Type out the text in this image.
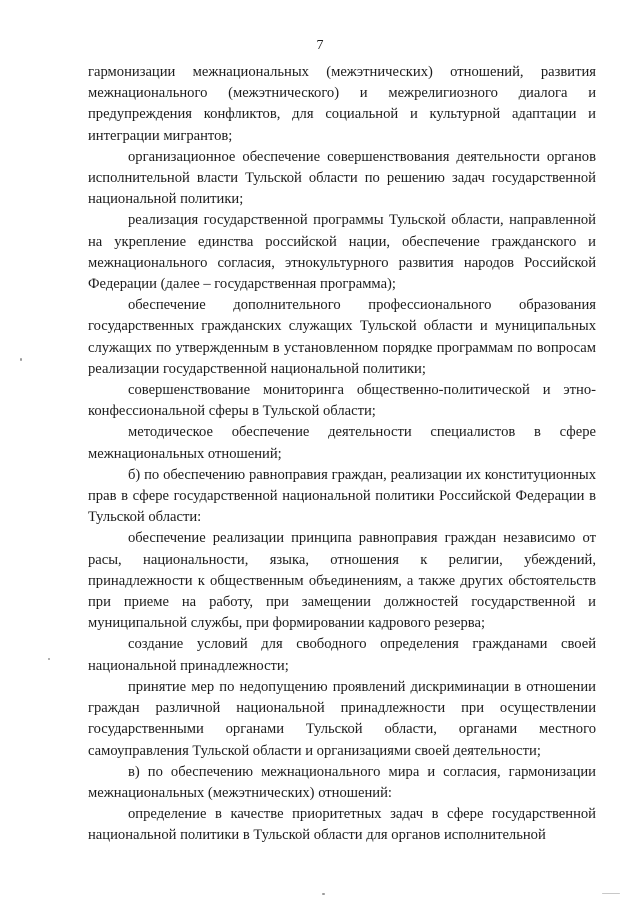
7

гармонизации межнациональных (межэтнических) отношений, развития межнационального (межэтнического) и межрелигиозного диалога и предупреждения конфликтов, для социальной и культурной адаптации и интеграции мигрантов;

организационное обеспечение совершенствования деятельности органов исполнительной власти Тульской области по решению задач государственной национальной политики;

реализация государственной программы Тульской области, направленной на укрепление единства российской нации, обеспечение гражданского и межнационального согласия, этнокультурного развития народов Российской Федерации (далее – государственная программа);

обеспечение дополнительного профессионального образования государственных гражданских служащих Тульской области и муниципальных служащих по утвержденным в установленном порядке программам по вопросам реализации государственной национальной политики;

совершенствование мониторинга общественно-политической и этно-конфессиональной сферы в Тульской области;

методическое обеспечение деятельности специалистов в сфере межнациональных отношений;

б) по обеспечению равноправия граждан, реализации их конституционных прав в сфере государственной национальной политики Российской Федерации в Тульской области:

обеспечение реализации принципа равноправия граждан независимо от расы, национальности, языка, отношения к религии, убеждений, принадлежности к общественным объединениям, а также других обстоятельств при приеме на работу, при замещении должностей государственной и муниципальной службы, при формировании кадрового резерва;

создание условий для свободного определения гражданами своей национальной принадлежности;

принятие мер по недопущению проявлений дискриминации в отношении граждан различной национальной принадлежности при осуществлении государственными органами Тульской области, органами местного самоуправления Тульской области и организациями своей деятельности;

в) по обеспечению межнационального мира и согласия, гармонизации межнациональных (межэтнических) отношений:

определение в качестве приоритетных задач в сфере государственной национальной политики в Тульской области для органов исполнительной
